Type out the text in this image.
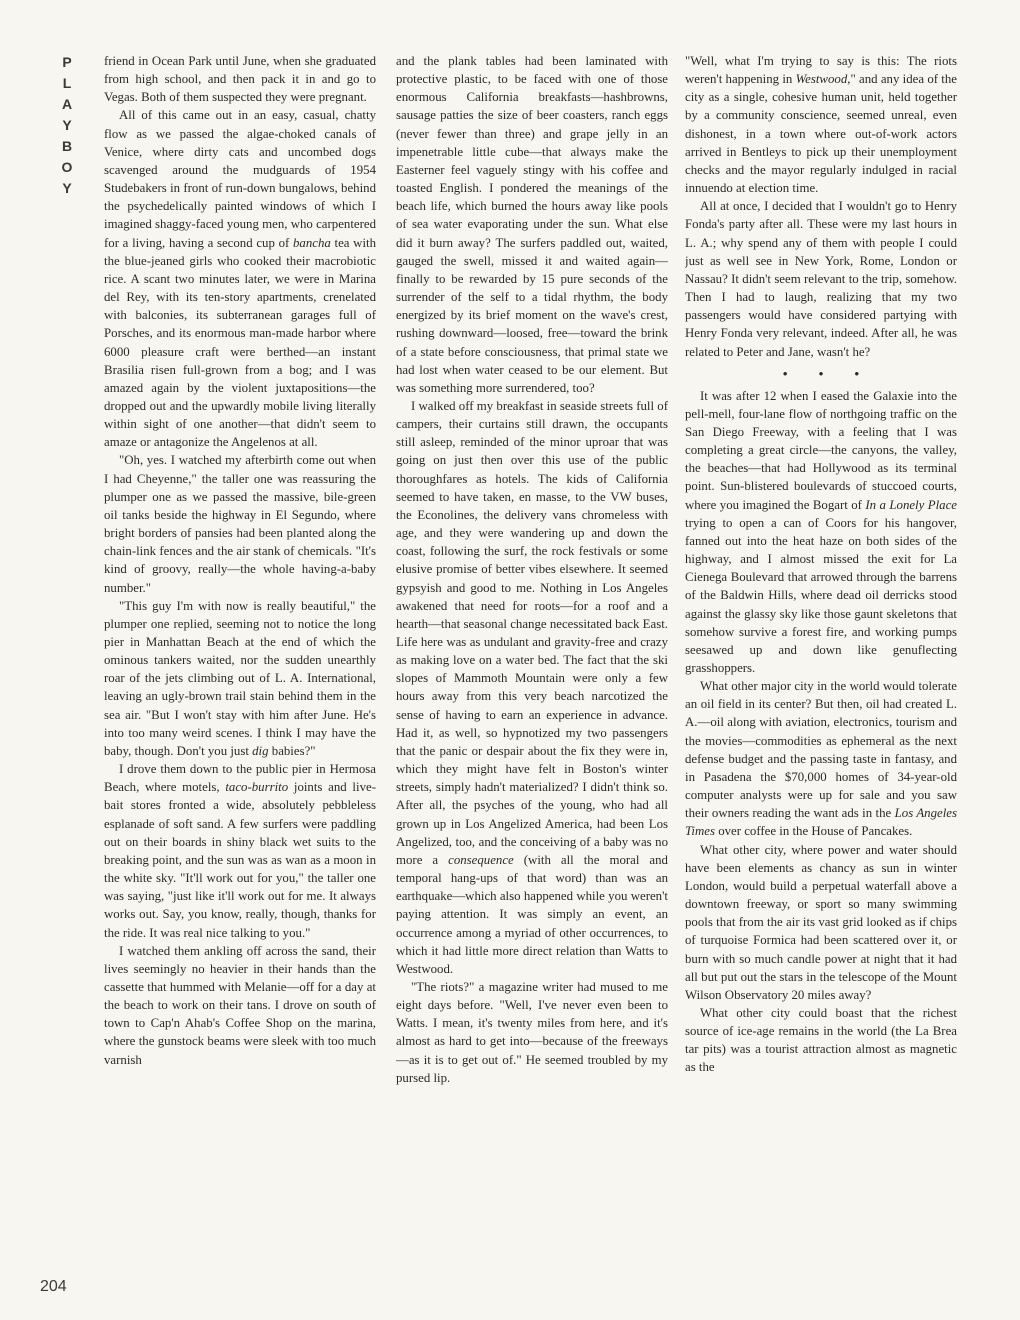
P
L
A
Y
B
O
Y
204

friend in Ocean Park until June, when she graduated from high school, and then pack it in and go to Vegas. Both of them suspected they were pregnant.

All of this came out in an easy, casual, chatty flow as we passed the algae-choked canals of Venice, where dirty cats and uncombed dogs scavenged around the mudguards of 1954 Studebakers in front of run-down bungalows, behind the psychedelically painted windows of which I imagined shaggy-faced young men, who carpentered for a living, having a second cup of bancha tea with the blue-jeaned girls who cooked their macrobiotic rice. A scant two minutes later, we were in Marina del Rey, with its ten-story apartments, crenelated with balconies, its subterranean garages full of Porsches, and its enormous man-made harbor where 6000 pleasure craft were berthed—an instant Brasilia risen full-grown from a bog; and I was amazed again by the violent juxtapositions—the dropped out and the upwardly mobile living literally within sight of one another—that didn't seem to amaze or antagonize the Angelenos at all.

"Oh, yes. I watched my afterbirth come out when I had Cheyenne," the taller one was reassuring the plumper one as we passed the massive, bile-green oil tanks beside the highway in El Segundo, where bright borders of pansies had been planted along the chain-link fences and the air stank of chemicals. "It's kind of groovy, really—the whole having-a-baby number."

"This guy I'm with now is really beautiful," the plumper one replied, seeming not to notice the long pier in Manhattan Beach at the end of which the ominous tankers waited, nor the sudden unearthly roar of the jets climbing out of L. A. International, leaving an ugly-brown trail stain behind them in the sea air. "But I won't stay with him after June. He's into too many weird scenes. I think I may have the baby, though. Don't you just dig babies?"

I drove them down to the public pier in Hermosa Beach, where motels, taco-burrito joints and live-bait stores fronted a wide, absolutely pebbleless esplanade of soft sand. A few surfers were paddling out on their boards in shiny black wet suits to the breaking point, and the sun was as wan as a moon in the white sky. "It'll work out for you," the taller one was saying, "just like it'll work out for me. It always works out. Say, you know, really, though, thanks for the ride. It was real nice talking to you."

I watched them ankling off across the sand, their lives seemingly no heavier in their hands than the cassette that hummed with Melanie—off for a day at the beach to work on their tans. I drove on south of town to Cap'n Ahab's Coffee Shop on the marina, where the gunstock beams were sleek with too much varnish

and the plank tables had been laminated with protective plastic, to be faced with one of those enormous California breakfasts—hashbrowns, sausage patties the size of beer coasters, ranch eggs (never fewer than three) and grape jelly in an impenetrable little cube—that always make the Easterner feel vaguely stingy with his coffee and toasted English. I pondered the meanings of the beach life, which burned the hours away like pools of sea water evaporating under the sun. What else did it burn away? The surfers paddled out, waited, gauged the swell, missed it and waited again—finally to be rewarded by 15 pure seconds of the surrender of the self to a tidal rhythm, the body energized by its brief moment on the wave's crest, rushing downward—loosed, free—toward the brink of a state before consciousness, that primal state we had lost when water ceased to be our element. But was something more surrendered, too?

I walked off my breakfast in seaside streets full of campers, their curtains still drawn, the occupants still asleep, reminded of the minor uproar that was going on just then over this use of the public thoroughfares as hotels. The kids of California seemed to have taken, en masse, to the VW buses, the Econolines, the delivery vans chromeless with age, and they were wandering up and down the coast, following the surf, the rock festivals or some elusive promise of better vibes elsewhere. It seemed gypsyish and good to me. Nothing in Los Angeles awakened that need for roots—for a roof and a hearth—that seasonal change necessitated back East. Life here was as undulant and gravity-free and crazy as making love on a water bed. The fact that the ski slopes of Mammoth Mountain were only a few hours away from this very beach narcotized the sense of having to earn an experience in advance. Had it, as well, so hypnotized my two passengers that the panic or despair about the fix they were in, which they might have felt in Boston's winter streets, simply hadn't materialized? I didn't think so. After all, the psyches of the young, who had all grown up in Los Angelized America, had been Los Angelized, too, and the conceiving of a baby was no more a consequence (with all the moral and temporal hang-ups of that word) than was an earthquake—which also happened while you weren't paying attention. It was simply an event, an occurrence among a myriad of other occurrences, to which it had little more direct relation than Watts to Westwood.

"The riots?" a magazine writer had mused to me eight days before. "Well, I've never even been to Watts. I mean, it's twenty miles from here, and it's almost as hard to get into—because of the freeways—as it is to get out of." He seemed troubled by my pursed lip.

"Well, what I'm trying to say is this: The riots weren't happening in Westwood," and any idea of the city as a single, cohesive human unit, held together by a community conscience, seemed unreal, even dishonest, in a town where out-of-work actors arrived in Bentleys to pick up their unemployment checks and the mayor regularly indulged in racial innuendo at election time.

All at once, I decided that I wouldn't go to Henry Fonda's party after all. These were my last hours in L. A.; why spend any of them with people I could just as well see in New York, Rome, London or Nassau? It didn't seem relevant to the trip, somehow. Then I had to laugh, realizing that my two passengers would have considered partying with Henry Fonda very relevant, indeed. After all, he was related to Peter and Jane, wasn't he?

• • •

It was after 12 when I eased the Galaxie into the pell-mell, four-lane flow of northgoing traffic on the San Diego Freeway, with a feeling that I was completing a great circle—the canyons, the valley, the beaches—that had Hollywood as its terminal point. Sun-blistered boulevards of stuccoed courts, where you imagined the Bogart of In a Lonely Place trying to open a can of Coors for his hangover, fanned out into the heat haze on both sides of the highway, and I almost missed the exit for La Cienega Boulevard that arrowed through the barrens of the Baldwin Hills, where dead oil derricks stood against the glassy sky like those gaunt skeletons that somehow survive a forest fire, and working pumps seesawed up and down like genuflecting grasshoppers.

What other major city in the world would tolerate an oil field in its center? But then, oil had created L. A.—oil along with aviation, electronics, tourism and the movies—commodities as ephemeral as the next defense budget and the passing taste in fantasy, and in Pasadena the $70,000 homes of 34-year-old computer analysts were up for sale and you saw their owners reading the want ads in the Los Angeles Times over coffee in the House of Pancakes.

What other city, where power and water should have been elements as chancy as sun in winter London, would build a perpetual waterfall above a downtown freeway, or sport so many swimming pools that from the air its vast grid looked as if chips of turquoise Formica had been scattered over it, or burn with so much candle power at night that it had all but put out the stars in the telescope of the Mount Wilson Observatory 20 miles away?

What other city could boast that the richest source of ice-age remains in the world (the La Brea tar pits) was a tourist attraction almost as magnetic as the
